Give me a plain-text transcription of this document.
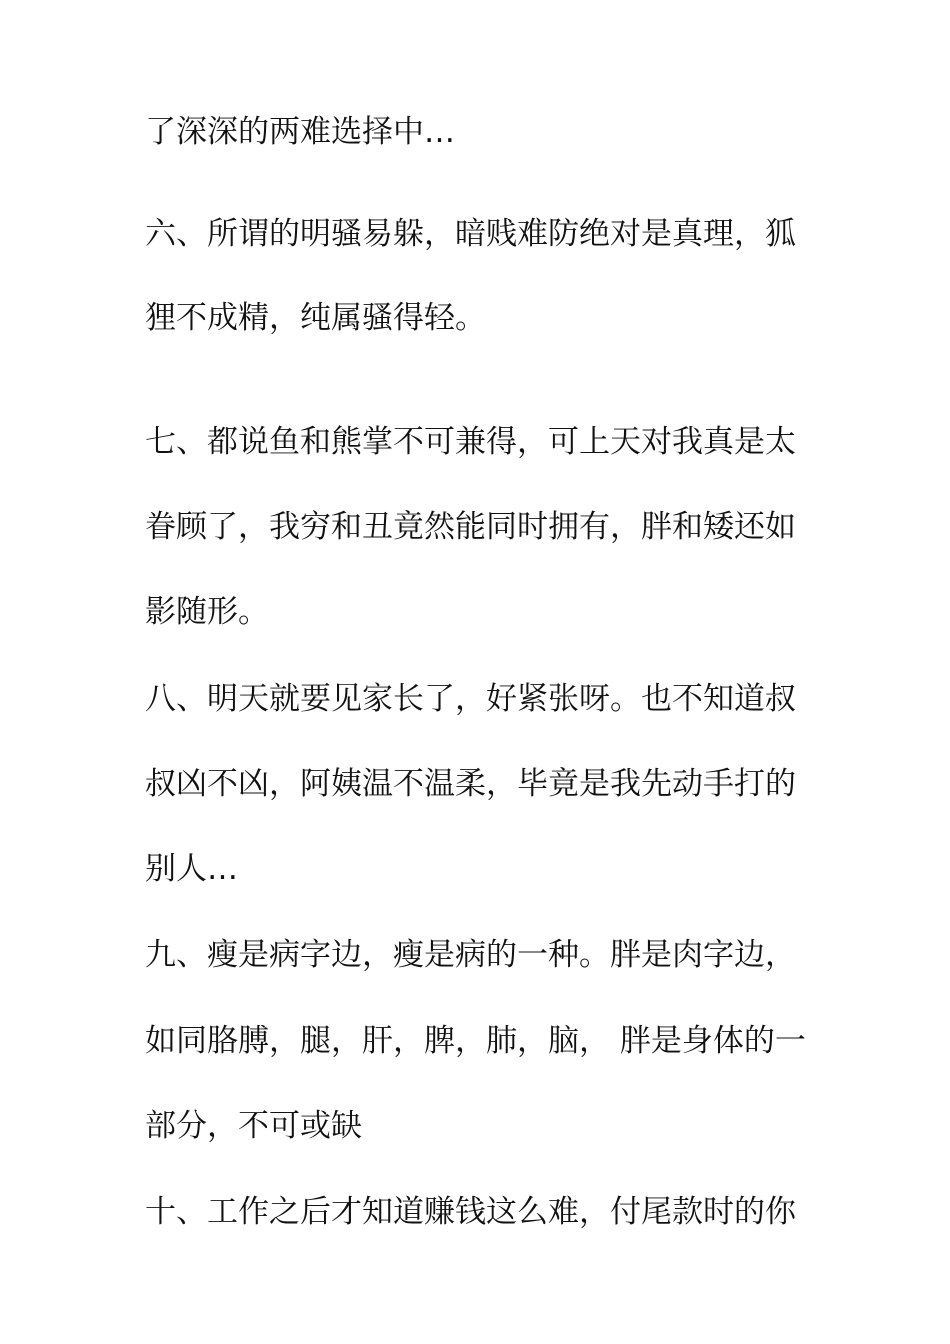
了深深的两难选择中…
六、所谓的明骚易躲，暗贱难防绝对是真理，狐
狸不成精，纯属骚得轻。
七、都说鱼和熊掌不可兼得，可上天对我真是太
眷顾了，我穷和丑竟然能同时拥有，胖和矮还如
影随形。
八、明天就要见家长了，好紧张呀。也不知道叔
叔凶不凶，阿姨温不温柔，毕竟是我先动手打的
别人…
九、瘦是病字边，瘦是病的一种。胖是肉字边，
如同胳膊，腿，肝，脾，肺，脑， 胖是身体的一
部分，不可或缺
十、工作之后才知道赚钱这么难，付尾款时的你
